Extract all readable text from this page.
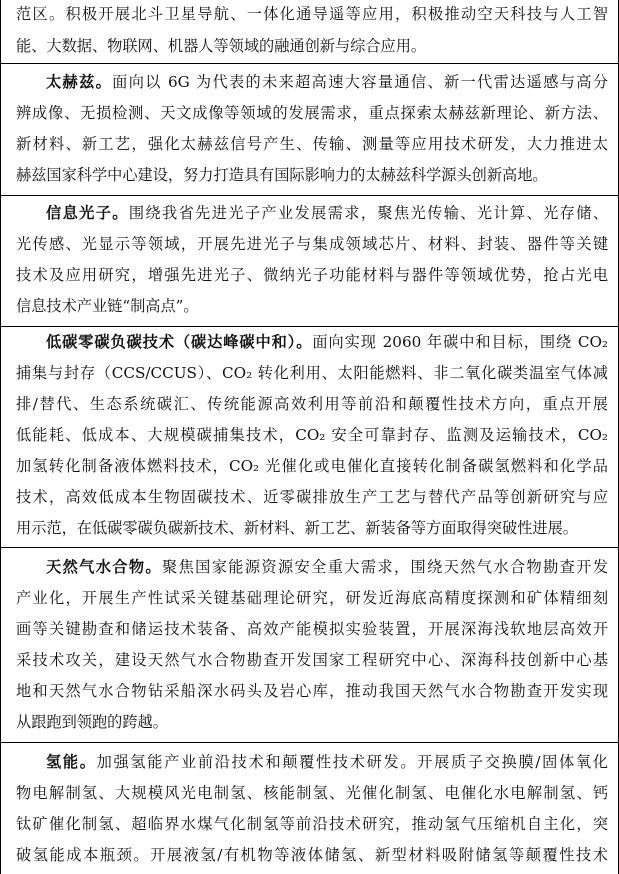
范区。积极开展北斗卫星导航、一体化通导遥等应用，积极推动空天科技与人工智
能、大数据、物联网、机器人等领域的融通创新与综合应用。
太赫兹。面向以 6G 为代表的未来超高速大容量通信、新一代雷达遥感与高分
辨成像、无损检测、天文成像等领域的发展需求，重点探索太赫兹新理论、新方法、
新材料、新工艺，强化太赫兹信号产生、传输、测量等应用技术研发，大力推进太
赫兹国家科学中心建设，努力打造具有国际影响力的太赫兹科学源头创新高地。
信息光子。围绕我省先进光子产业发展需求，聚焦光传输、光计算、光存储、
光传感、光显示等领域，开展先进光子与集成领域芯片、材料、封装、器件等关键
技术及应用研究，增强先进光子、微纳光子功能材料与器件等领域优势，抢占光电
信息技术产业链“制高点”。
低碳零碳负碳技术（碳达峰碳中和）。面向实现 2060 年碳中和目标，围绕 CO₂
捕集与封存（CCS/CCUS）、CO₂ 转化利用、太阳能燃料、非二氧化碳类温室气体减
排/替代、生态系统碳汇、传统能源高效利用等前沿和颠覆性技术方向，重点开展
低能耗、低成本、大规模碳捕集技术，CO₂ 安全可靠封存、监测及运输技术，CO₂
加氢转化制备液体燃料技术，CO₂ 光催化或电催化直接转化制备碳氢燃料和化学品
技术，高效低成本生物固碳技术、近零碳排放生产工艺与替代产品等创新研究与应
用示范，在低碳零碳负碳新技术、新材料、新工艺、新装备等方面取得突破性进展。
天然气水合物。聚焦国家能源资源安全重大需求，围绕天然气水合物勘查开发
产业化，开展生产性试采关键基础理论研究，研发近海底高精度探测和矿体精细刻
画等关键勘查和储运技术装备、高效产能模拟实验装置，开展深海浅软地层高效开
采技术攻关，建设天然气水合物勘查开发国家工程研究中心、深海科技创新中心基
地和天然气水合物钻采船深水码头及岩心库，推动我国天然气水合物勘查开发实现
从跟跑到领跑的跨越。
氢能。加强氢能产业前沿技术和颠覆性技术研发。开展质子交换膜/固体氧化
物电解制氢、大规模风光电制氢、核能制氢、光催化制氢、电催化水电解制氢、钙
钛矿催化制氢、超临界水煤气化制氢等前沿技术研究，推动氢气压缩机自主化，突
破氢能成本瓶颈。开展液氢/有机物等液体储氢、新型材料吸附储氢等颠覆性技术
